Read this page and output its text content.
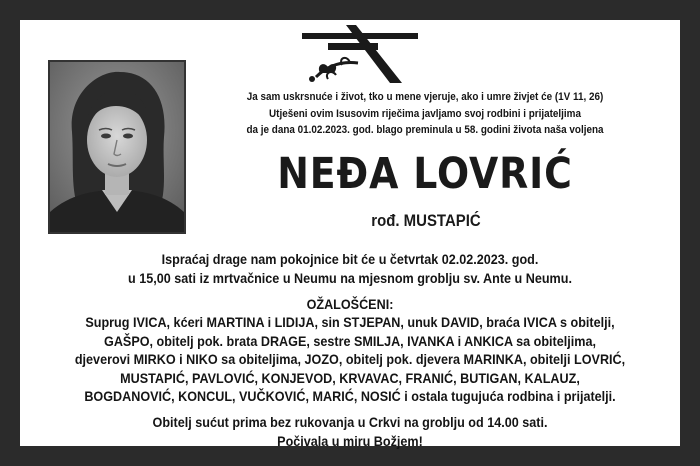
Ja sam uskrsnuće i život, tko u mene vjeruje, ako i umre živjet će (1V 11, 26)
Utješeni ovim Isusovim riječima javljamo svoj rodbini i prijateljima
da je dana 01.02.2023. god. blago preminula u 58. godini života naša voljena
NEĐA LOVRIĆ
rođ. MUSTAPIĆ
Ispraćaj drage nam pokojnice bit će u četvrtak 02.02.2023. god.
u 15,00 sati iz mrtvačnice u Neumu na mjesnom groblju sv. Ante u Neumu.
OŽALOŠĆENI:
Suprug IVICA, kćeri MARTINA i LIDIJA, sin STJEPAN, unuk DAVID, braća IVICA s obitelji,
GAŠPO, obitelj pok. brata DRAGE, sestre SMILJA, IVANKA i ANKICA sa obiteljima,
djeverovi MIRKO i NIKO sa obiteljima, JOZO, obitelj pok. djevera MARINKA, obitelji LOVRIĆ,
MUSTAPIĆ, PAVLOVIĆ, KONJEVOD, KRVAVAC, FRANIĆ, BUTIGAN, KALAUZ,
BOGDANOVIĆ, KONCUL, VUČKOVIĆ, MARIĆ, NOSIĆ i ostala tugujuća rodbina i prijatelji.
Obitelj sućut prima bez rukovanja u Crkvi na groblju od 14.00 sati.
Počivala u miru Božjem!
